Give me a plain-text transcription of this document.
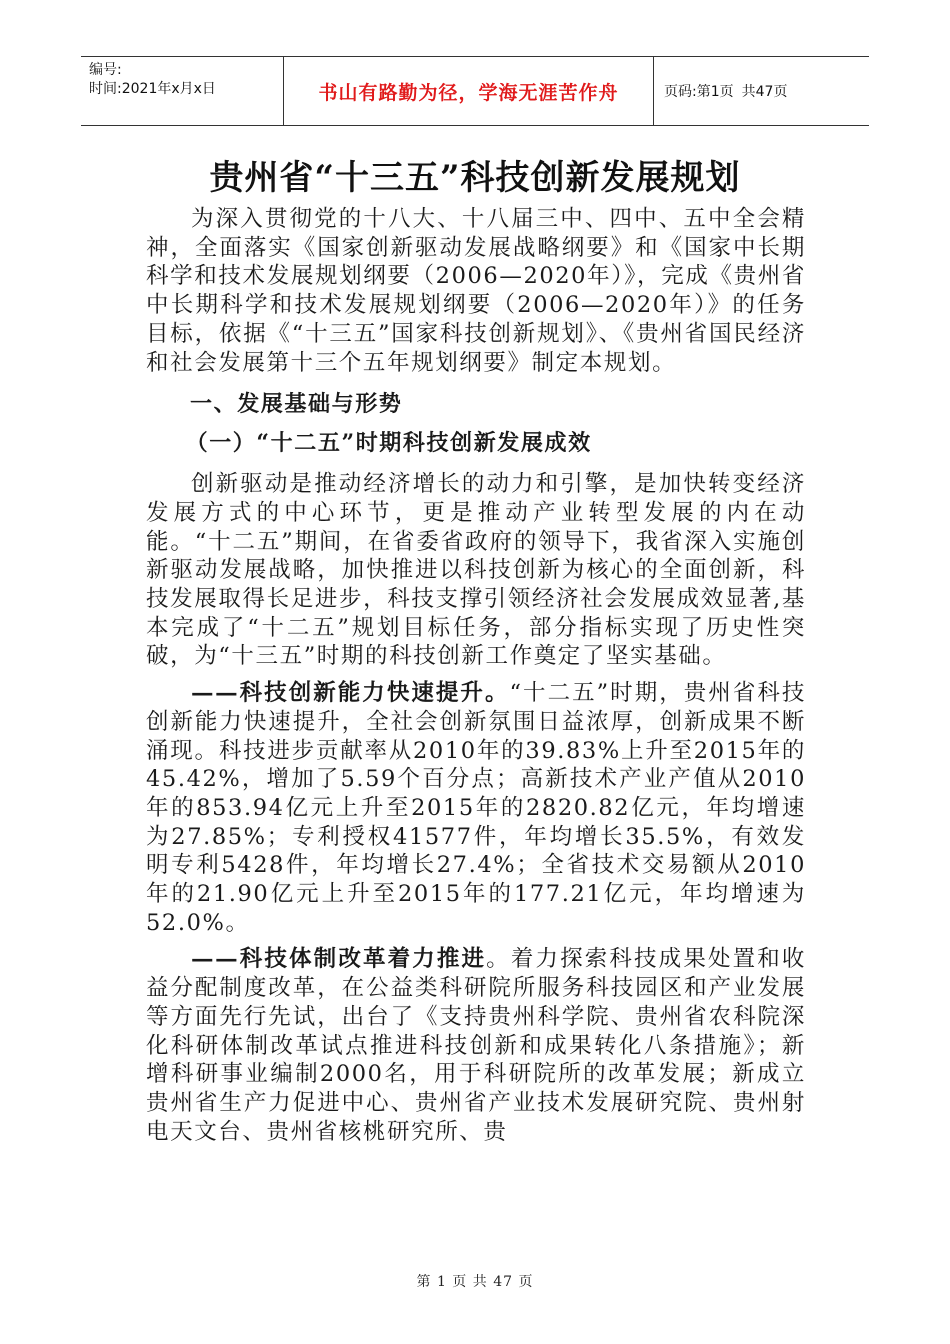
编号:
时间:2021年x月x日	书山有路勤为径，学海无涯苦作舟	页码:第1页 共47页
贵州省“十三五”科技创新发展规划

为深入贯彻党的十八大、十八届三中、四中、五中全会精神，全面落实《国家创新驱动发展战略纲要》和《国家中长期科学和技术发展规划纲要（2006—2020年）》，完成《贵州省中长期科学和技术发展规划纲要（2006—2020年）》的任务目标，依据《“十三五”国家科技创新规划》、《贵州省国民经济和社会发展第十三个五年规划纲要》制定本规划。

一、发展基础与形势

（一）“十二五”时期科技创新发展成效

创新驱动是推动经济增长的动力和引擎，是加快转变经济发展方式的中心环节，更是推动产业转型发展的内在动能。“十二五”期间，在省委省政府的领导下，我省深入实施创新驱动发展战略，加快推进以科技创新为核心的全面创新，科技发展取得长足进步，科技支撑引领经济社会发展成效显著,基本完成了“十二五”规划目标任务，部分指标实现了历史性突破，为“十三五”时期的科技创新工作奠定了坚实基础。

——科技创新能力快速提升。“十二五”时期，贵州省科技创新能力快速提升，全社会创新氛围日益浓厚，创新成果不断涌现。科技进步贡献率从2010年的39.83%上升至2015年的45.42%，增加了5.59个百分点；高新技术产业产值从2010年的853.94亿元上升至2015年的2820.82亿元，年均增速为27.85%；专利授权41577件，年均增长35.5%，有效发明专利5428件，年均增长27.4%；全省技术交易额从2010年的21.90亿元上升至2015年的177.21亿元，年均增速为52.0%。

——科技体制改革着力推进。着力探索科技成果处置和收益分配制度改革，在公益类科研院所服务科技园区和产业发展等方面先行先试，出台了《支持贵州科学院、贵州省农科院深化科研体制改革试点推进科技创新和成果转化八条措施》；新增科研事业编制2000名，用于科研院所的改革发展；新成立贵州省生产力促进中心、贵州省产业技术发展研究院、贵州射电天文台、贵州省核桃研究所、贵

第 1 页 共 47 页
